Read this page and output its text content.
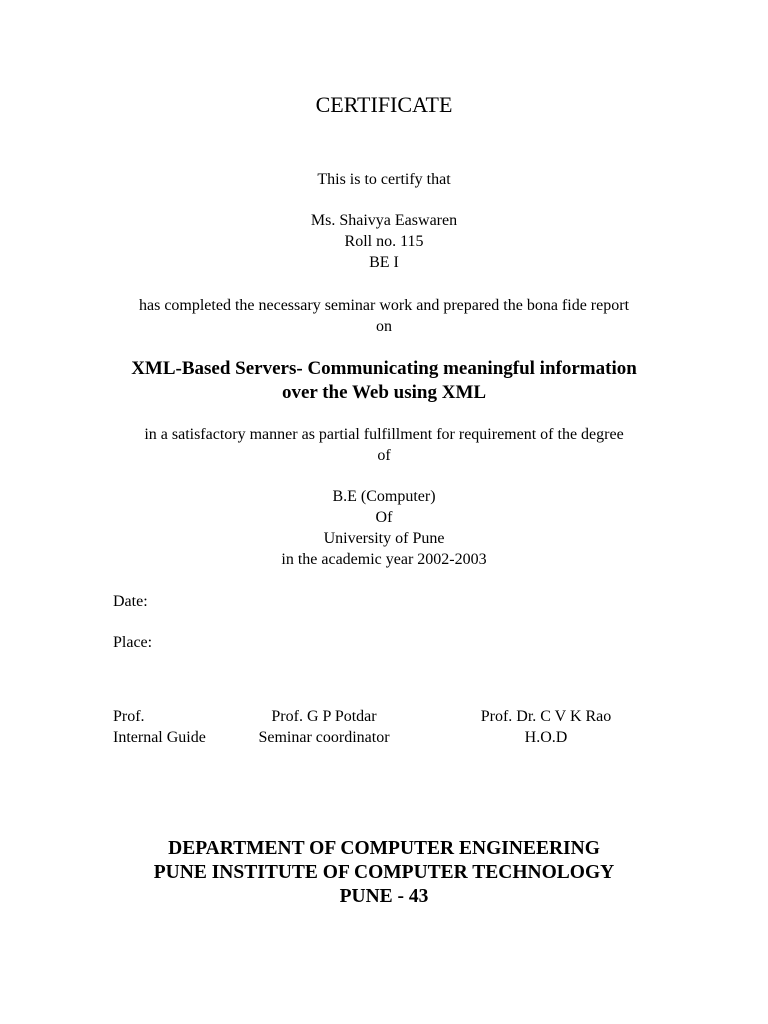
CERTIFICATE
This is to certify that
Ms. Shaivya Easwaren
Roll no. 115
BE I
has completed the necessary seminar work and prepared the bona fide report
on
XML-Based Servers- Communicating meaningful information
over the Web using XML
in a satisfactory manner as partial fulfillment for requirement of the degree
of
B.E (Computer)
Of
University of Pune
in the academic year 2002-2003
Date:
Place:
Prof.
Internal Guide
Prof. G P Potdar
Seminar coordinator
Prof. Dr. C V K Rao
H.O.D
DEPARTMENT OF COMPUTER ENGINEERING
PUNE INSTITUTE OF COMPUTER TECHNOLOGY
PUNE - 43
